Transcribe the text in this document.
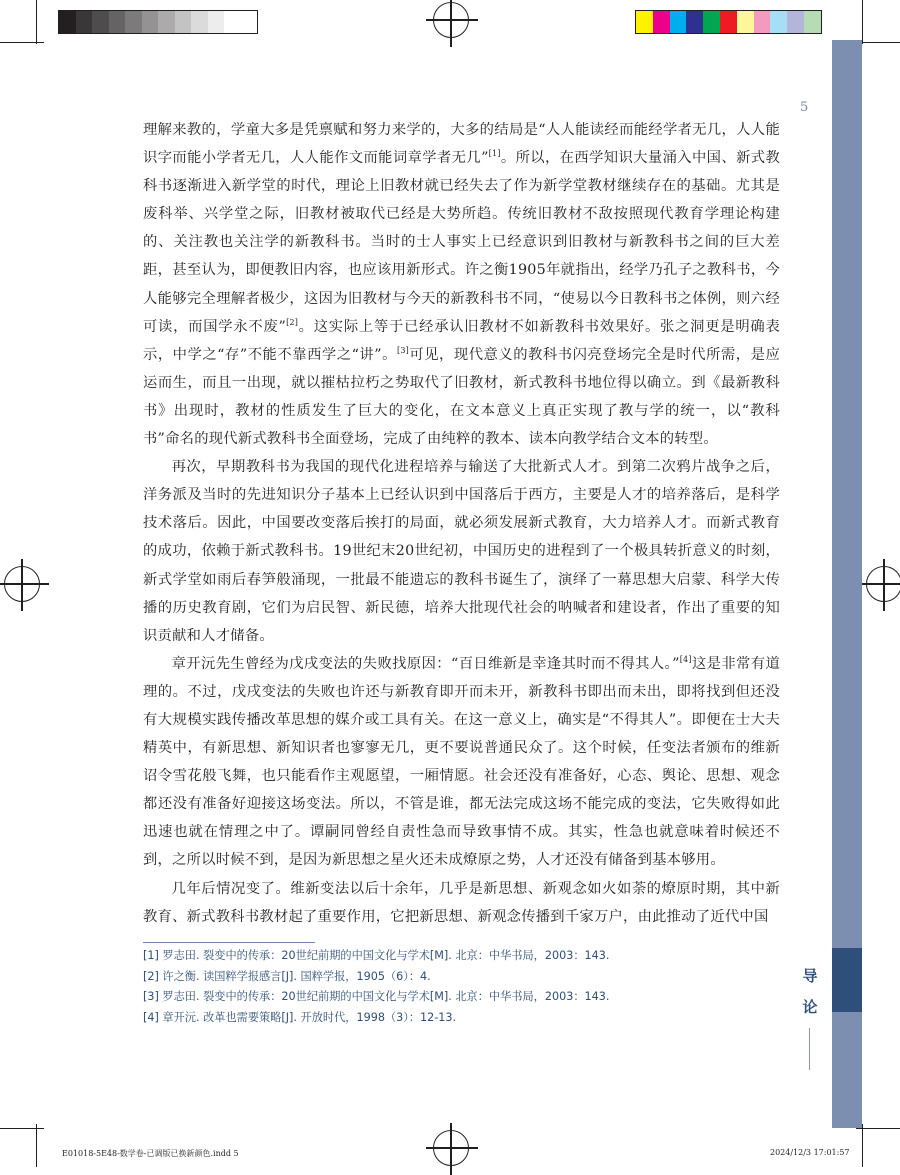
5
导
论

理解来教的，学童大多是凭禀赋和努力来学的，大多的结局是“人人能读经而能经学者无几，人人能识字而能小学者无几，人人能作文而能词章学者无几”[1]。所以，在西学知识大量涌入中国、新式教科书逐渐进入新学堂的时代，理论上旧教材就已经失去了作为新学堂教材继续存在的基础。尤其是废科举、兴学堂之际，旧教材被取代已经是大势所趋。传统旧教材不敌按照现代教育学理论构建的、关注教也关注学的新教科书。当时的士人事实上已经意识到旧教材与新教科书之间的巨大差距，甚至认为，即便教旧内容，也应该用新形式。许之衡1905年就指出，经学乃孔子之教科书，今人能够完全理解者极少，这因为旧教材与今天的新教科书不同，“使易以今日教科书之体例，则六经可读，而国学永不废”[2]。这实际上等于已经承认旧教材不如新教科书效果好。张之洞更是明确表示，中学之“存”不能不靠西学之“讲”。[3]可见，现代意义的教科书闪亮登场完全是时代所需，是应运而生，而且一出现，就以摧枯拉朽之势取代了旧教材，新式教科书地位得以确立。到《最新教科书》出现时，教材的性质发生了巨大的变化，在文本意义上真正实现了教与学的统一，以“教科书”命名的现代新式教科书全面登场，完成了由纯粹的教本、读本向教学结合文本的转型。

再次，早期教科书为我国的现代化进程培养与输送了大批新式人才。到第二次鸦片战争之后，洋务派及当时的先进知识分子基本上已经认识到中国落后于西方，主要是人才的培养落后，是科学技术落后。因此，中国要改变落后挨打的局面，就必须发展新式教育，大力培养人才。而新式教育的成功，依赖于新式教科书。19世纪末20世纪初，中国历史的进程到了一个极具转折意义的时刻，新式学堂如雨后春笋般涌现，一批最不能遗忘的教科书诞生了，演绎了一幕思想大启蒙、科学大传播的历史教育剧，它们为启民智、新民德，培养大批现代社会的呐喊者和建设者，作出了重要的知识贡献和人才储备。

章开沅先生曾经为戊戌变法的失败找原因：“百日维新是幸逢其时而不得其人。”[4]这是非常有道理的。不过，戊戌变法的失败也许还与新教育即开而未开，新教科书即出而未出，即将找到但还没有大规模实践传播改革思想的媒介或工具有关。在这一意义上，确实是“不得其人”。即便在士大夫精英中，有新思想、新知识者也寥寥无几，更不要说普通民众了。这个时候，任变法者颁布的维新诏令雪花般飞舞，也只能看作主观愿望，一厢情愿。社会还没有准备好，心态、舆论、思想、观念都还没有准备好迎接这场变法。所以，不管是谁，都无法完成这场不能完成的变法，它失败得如此迅速也就在情理之中了。谭嗣同曾经自责性急而导致事情不成。其实，性急也就意味着时候还不到，之所以时候不到，是因为新思想之星火还未成燎原之势，人才还没有储备到基本够用。

几年后情况变了。维新变法以后十余年，几乎是新思想、新观念如火如荼的燎原时期，其中新教育、新式教科书教材起了重要作用，它把新思想、新观念传播到千家万户，由此推动了近代中国

[1] 罗志田. 裂变中的传承：20世纪前期的中国文化与学术[M]. 北京：中华书局，2003：143.
[2] 许之衡. 读国粹学报感言[J]. 国粹学报，1905（6）：4.
[3] 罗志田. 裂变中的传承：20世纪前期的中国文化与学术[M]. 北京：中华书局，2003：143.
[4] 章开沅. 改革也需要策略[J]. 开放时代，1998（3）：12-13.
E01018-5E48-数学卷-已调版已换新颜色.indd 5	2024/12/3 17:01:57
